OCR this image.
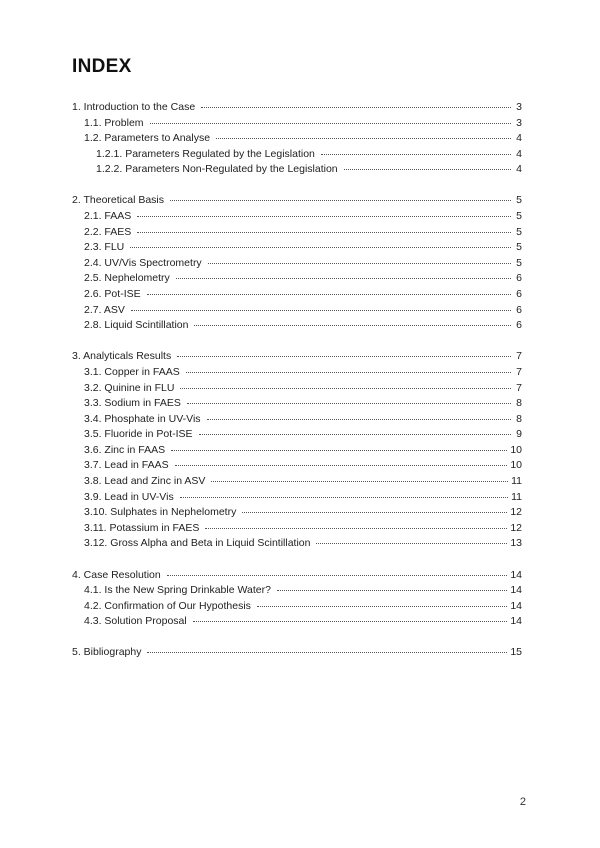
INDEX
1. Introduction to the Case	3
1.1. Problem	3
1.2. Parameters to Analyse	4
1.2.1. Parameters Regulated by the Legislation	4
1.2.2. Parameters Non-Regulated by the Legislation	4
2. Theoretical Basis	5
2.1. FAAS	5
2.2. FAES	5
2.3. FLU	5
2.4. UV/Vis Spectrometry	5
2.5. Nephelometry	6
2.6. Pot-ISE	6
2.7. ASV	6
2.8. Liquid Scintillation	6
3. Analyticals Results	7
3.1. Copper in FAAS	7
3.2. Quinine in FLU	7
3.3. Sodium in FAES	8
3.4. Phosphate in UV-Vis	8
3.5. Fluoride in Pot-ISE	9
3.6. Zinc in FAAS	10
3.7. Lead in FAAS	10
3.8. Lead and Zinc in ASV	11
3.9. Lead in UV-Vis	11
3.10. Sulphates in Nephelometry	12
3.11. Potassium in FAES	12
3.12. Gross Alpha and Beta in Liquid Scintillation	13
4. Case Resolution	14
4.1. Is the New Spring Drinkable Water?	14
4.2. Confirmation of Our Hypothesis	14
4.3. Solution Proposal	14
5. Bibliography	15
2
